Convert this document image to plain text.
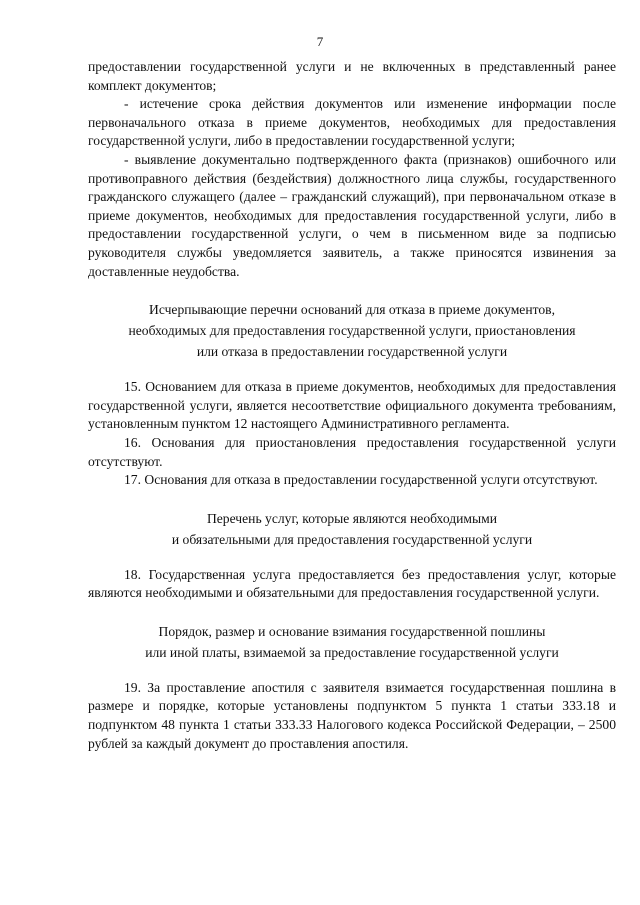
7

предоставлении государственной услуги и не включенных в представленный ранее комплект документов;

- истечение срока действия документов или изменение информации после первоначального отказа в приеме документов, необходимых для предоставления государственной услуги, либо в предоставлении государственной услуги;

- выявление документально подтвержденного факта (признаков) ошибочного или противоправного действия (бездействия) должностного лица службы, государственного гражданского служащего (далее – гражданский служащий), при первоначальном отказе в приеме документов, необходимых для предоставления государственной услуги, либо в предоставлении государственной услуги, о чем в письменном виде за подписью руководителя службы уведомляется заявитель, а также приносятся извинения за доставленные неудобства.

Исчерпывающие перечни оснований для отказа в приеме документов,

необходимых для предоставления государственной услуги, приостановления

или отказа в предоставлении государственной услуги

15. Основанием для отказа в приеме документов, необходимых для предоставления государственной услуги, является несоответствие официального документа требованиям, установленным пунктом 12 настоящего Административного регламента.

16. Основания для приостановления предоставления государственной услуги отсутствуют.

17. Основания для отказа в предоставлении государственной услуги отсутствуют.

Перечень услуг, которые являются необходимыми

и обязательными для предоставления государственной услуги

18. Государственная услуга предоставляется без предоставления услуг, которые являются необходимыми и обязательными для предоставления государственной услуги.

Порядок, размер и основание взимания государственной пошлины

или иной платы, взимаемой за предоставление государственной услуги

19. За проставление апостиля с заявителя взимается государственная пошлина в размере и порядке, которые установлены подпунктом 5 пункта 1 статьи 333.18 и подпунктом 48 пункта 1 статьи 333.33 Налогового кодекса Российской Федерации, – 2500 рублей за каждый документ до проставления апостиля.
